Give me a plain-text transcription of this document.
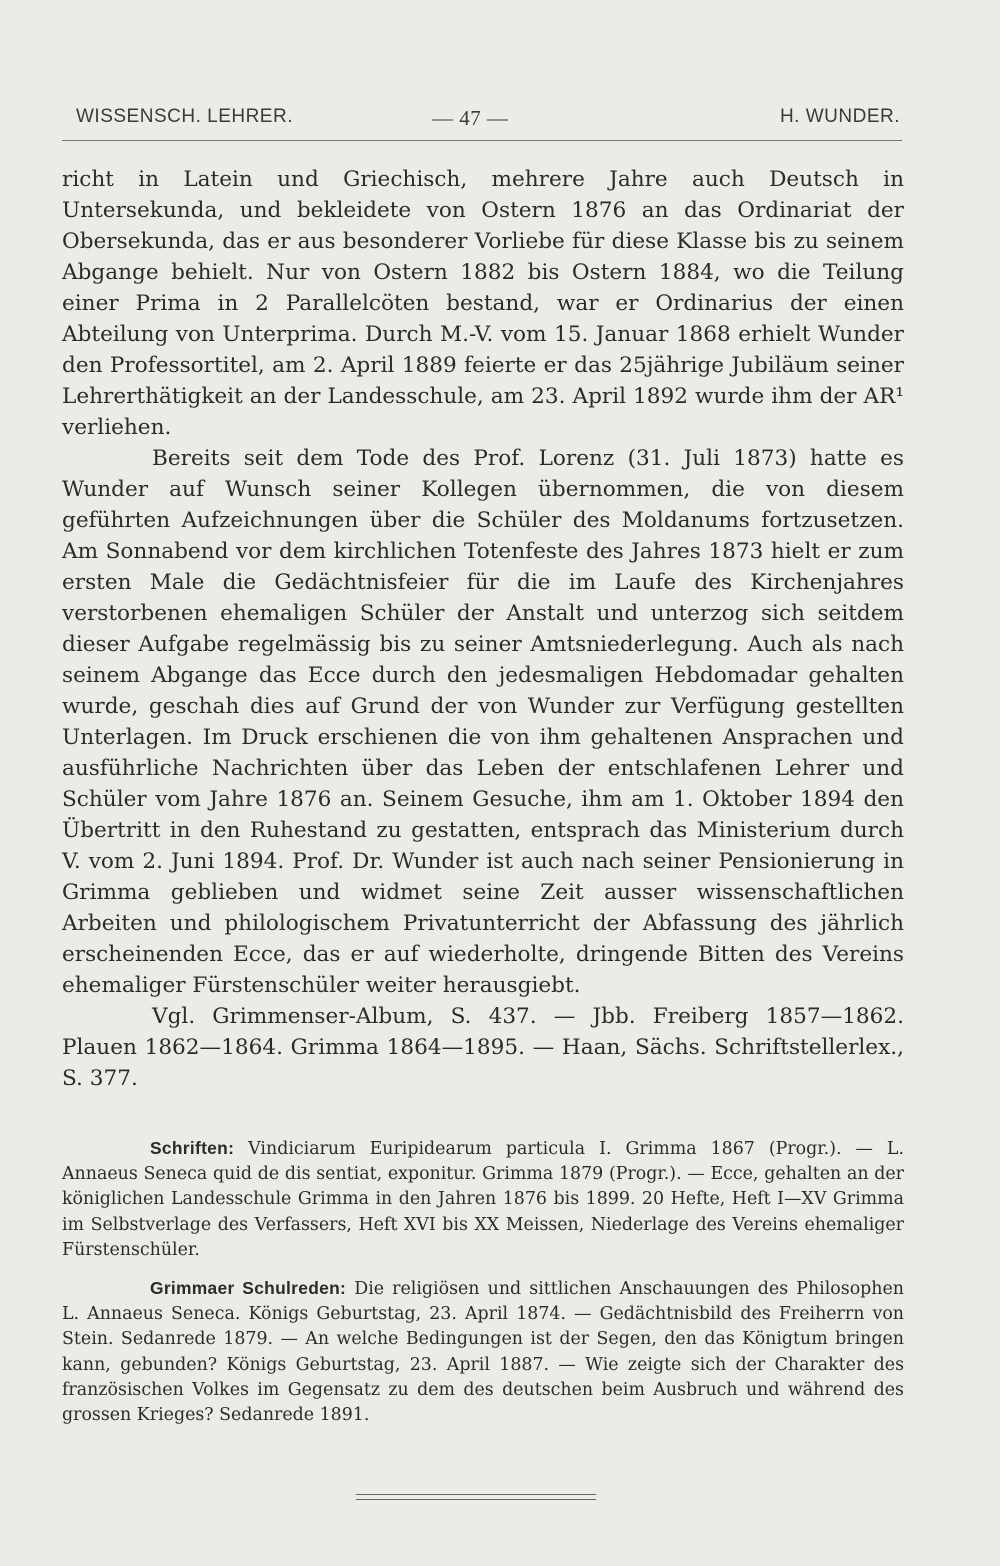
WISSENSCH. LEHRER.	— 47 —	H. WUNDER.

richt in Latein und Griechisch, mehrere Jahre auch Deutsch in Untersekunda, und bekleidete von Ostern 1876 an das Ordinariat der Obersekunda, das er aus besonderer Vorliebe für diese Klasse bis zu seinem Abgange behielt. Nur von Ostern 1882 bis Ostern 1884, wo die Teilung einer Prima in 2 Parallelcöten bestand, war er Ordinarius der einen Abteilung von Unterprima. Durch M.-V. vom 15. Januar 1868 erhielt Wunder den Professortitel, am 2. April 1889 feierte er das 25jährige Jubiläum seiner Lehrerthätigkeit an der Landesschule, am 23. April 1892 wurde ihm der AR¹ verliehen.

Bereits seit dem Tode des Prof. Lorenz (31. Juli 1873) hatte es Wunder auf Wunsch seiner Kollegen übernommen, die von diesem geführten Aufzeichnungen über die Schüler des Moldanums fortzusetzen. Am Sonnabend vor dem kirchlichen Totenfeste des Jahres 1873 hielt er zum ersten Male die Gedächtnisfeier für die im Laufe des Kirchenjahres verstorbenen ehemaligen Schüler der Anstalt und unterzog sich seitdem dieser Aufgabe regelmässig bis zu seiner Amtsniederlegung. Auch als nach seinem Abgange das Ecce durch den jedesmaligen Hebdomadar gehalten wurde, geschah dies auf Grund der von Wunder zur Verfügung gestellten Unterlagen. Im Druck erschienen die von ihm gehaltenen Ansprachen und ausführliche Nachrichten über das Leben der entschlafenen Lehrer und Schüler vom Jahre 1876 an. Seinem Gesuche, ihm am 1. Oktober 1894 den Übertritt in den Ruhestand zu gestatten, entsprach das Ministerium durch V. vom 2. Juni 1894. Prof. Dr. Wunder ist auch nach seiner Pensionierung in Grimma geblieben und widmet seine Zeit ausser wissenschaftlichen Arbeiten und philologischem Privatunterricht der Abfassung des jährlich erscheinenden Ecce, das er auf wiederholte, dringende Bitten des Vereins ehemaliger Fürstenschüler weiter herausgiebt.

Vgl. Grimmenser-Album, S. 437. — Jbb. Freiberg 1857—1862. Plauen 1862—1864. Grimma 1864—1895. — Haan, Sächs. Schriftstellerlex., S. 377.

Schriften: Vindiciarum Euripidearum particula I. Grimma 1867 (Progr.). — L. Annaeus Seneca quid de dis sentiat, exponitur. Grimma 1879 (Progr.). — Ecce, gehalten an der königlichen Landesschule Grimma in den Jahren 1876 bis 1899. 20 Hefte, Heft I—XV Grimma im Selbstverlage des Verfassers, Heft XVI bis XX Meissen, Niederlage des Vereins ehemaliger Fürstenschüler.

Grimmaer Schulreden: Die religiösen und sittlichen Anschauungen des Philosophen L. Annaeus Seneca. Königs Geburtstag, 23. April 1874. — Gedächtnisbild des Freiherrn von Stein. Sedanrede 1879. — An welche Bedingungen ist der Segen, den das Königtum bringen kann, gebunden? Königs Geburtstag, 23. April 1887. — Wie zeigte sich der Charakter des französischen Volkes im Gegensatz zu dem des deutschen beim Ausbruch und während des grossen Krieges? Sedanrede 1891.
